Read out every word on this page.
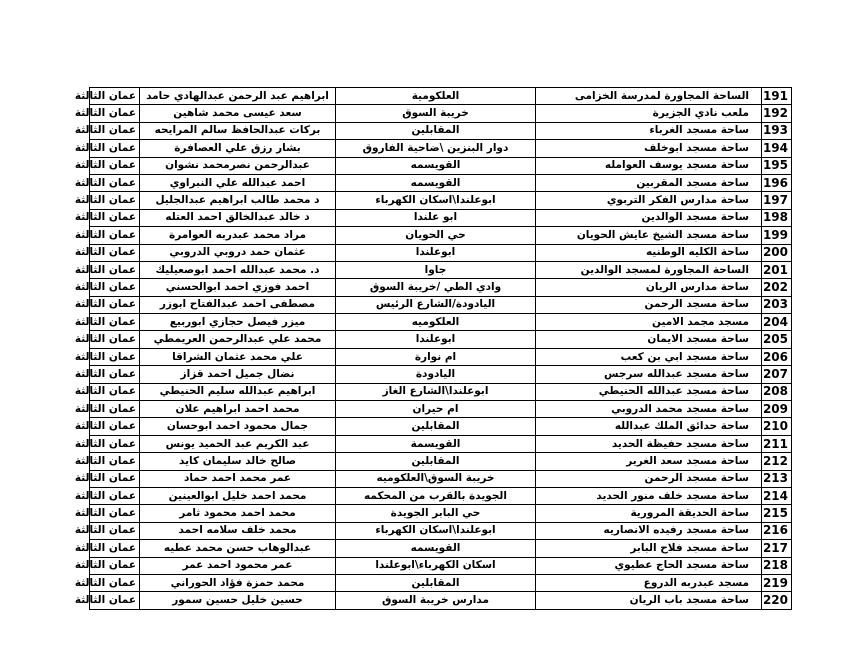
191	الساحة المجاورة لمدرسة الخزامى	العلكومية	ابراهيم عبد الرحمن عبدالهادي حامد	عمان الثالثة
192	ملعب نادي الجزيرة	خريبة السوق	سعد عيسى محمد شاهين	عمان الثالثة
193	ساحة مسجد الغرباء	المقابلين	بركات عبدالحافظ سالم المرايحه	عمان الثالثة
194	ساحة مسجد ابوخلف	دوار البنزين \ضاحية الفاروق	بشار رزق علي العصافرة	عمان الثالثة
195	ساحة مسجد يوسف العوامله	القويسمه	عبدالرحمن نصرمحمد نشوان	عمان الثالثة
196	ساحة مسجد المقربين	القويسمه	احمد عبدالله علي النبراوي	عمان الثالثة
197	ساحة مدارس الفكر التربوي	ابوعلندا\اسكان الكهرباء	د محمد طالب ابراهيم عبدالجليل	عمان الثالثة
198	ساحة مسجد الوالدين	ابو علندا	د خالد عبدالخالق احمد العتله	عمان الثالثة
199	ساحة مسجد الشيخ عايش الحويان	حي الحويان	مراد محمد عبدربه العوامرة	عمان الثالثة
200	ساحة الكليه الوطنيه	ابوعلندا	عثمان حمد دروبي الدروبي	عمان الثالثة
201	الساحة المجاورة لمسجد الوالدين	جاوا	د. محمد عبدالله احمد ابوصعيليك	عمان الثالثة
202	ساحة مدارس الريان	وادي الطي /خريبة السوق	احمد فوزي احمد ابوالحسني	عمان الثالثة
203	ساحة مسجد الرحمن	اليادودة/الشارع الرئيس	مصطفى احمد عبدالفتاح ابوزر	عمان الثالثة
204	مسجد مجمد الامين	العلكوميه	ميزر فيصل حجازي ابوربيع	عمان الثالثة
205	ساحة مسجد الايمان	ابوعلندا	محمد علي عبدالرحمن العريمطي	عمان الثالثة
206	ساحة مسجد ابي بن كعب	ام نوارة	علي محمد عثمان الشراقا	عمان الثالثة
207	ساحة مسجد عبدالله سرجس	اليادودة	نضال جميل احمد قزاز	عمان الثالثة
208	ساحة مسجد عبدالله الحنيطي	ابوعلندا\الشارع الغاز	ابراهيم عبدالله سليم الحنيطي	عمان الثالثة
209	ساحة مسجد محمد الدروبي	ام حيران	محمد احمد ابراهيم علان	عمان الثالثة
210	ساحة حدائق الملك عبدالله	المقابلين	جمال محمود احمد ابوحسان	عمان الثالثة
211	ساحة مسجد حفيظة الحديد	القويسمة	عبد الكريم عبد الحميد يونس	عمان الثالثة
212	ساحة مسجد سعد الغرير	المقابلين	صالح خالد سليمان كايد	عمان الثالثة
213	ساحة مسجد الرحمن	خريبة السوق\العلكوميه	عمر محمد احمد حماد	عمان الثالثة
214	ساحة مسجد خلف منور الحديد	الجويدة بالقرب من المحكمه	محمد احمد خليل ابوالعينين	عمان الثالثة
215	ساحة الحديقة المرورية	حي البابر الجويدة	محمد احمد محمود ثامر	عمان الثالثة
216	ساحة مسجد رفيده الانصاريه	ابوعلندا\اسكان الكهرباء	محمد خلف سلامه احمد	عمان الثالثة
217	ساحة مسجد فلاح البابر	القويسمه	عبدالوهاب حسن محمد عطيه	عمان الثالثة
218	ساحة مسجد الحاج عطيوي	اسكان الكهرباء\ابوعلندا	عمر محمود احمد عمر	عمان الثالثة
219	مسجد عبدربه الدروع	المقابلين	محمد حمزة فؤاد الحوراني	عمان الثالثة
220	ساحة مسجد باب الريان	مدارس خريبة السوق	حسين خليل حسين سمور	عمان الثالثة
